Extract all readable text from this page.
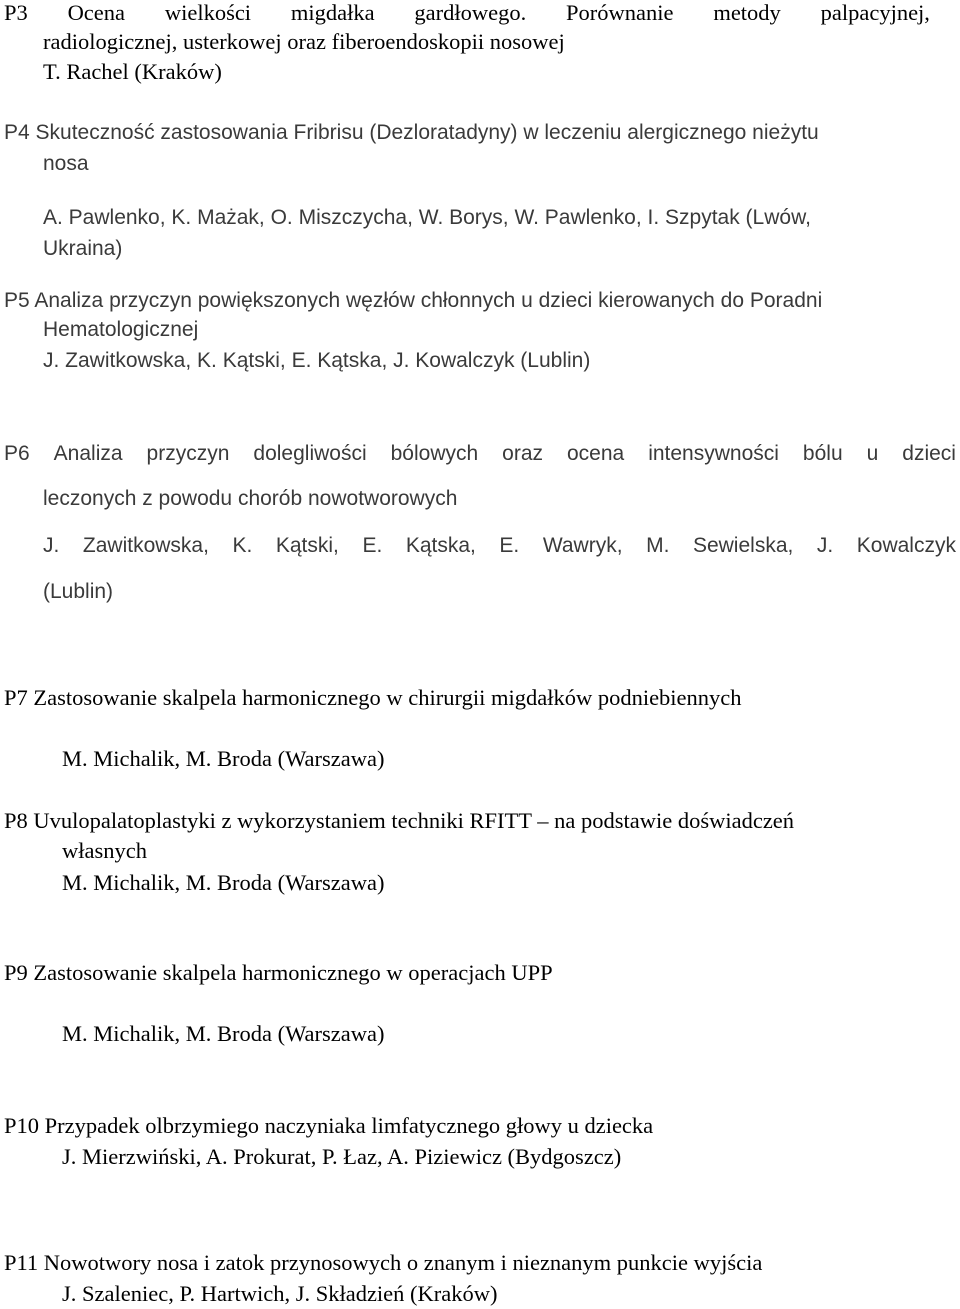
P3 Ocena wielkości migdałka gardłowego. Porównanie metody palpacyjnej,

radiologicznej, usterkowej oraz fiberoendoskopii nosowej

T. Rachel (Kraków)

P4 Skuteczność zastosowania Fribrisu (Dezloratadyny) w leczeniu alergicznego nieżytu

nosa

A. Pawlenko, K. Mażak, O. Miszczycha, W. Borys, W. Pawlenko, I. Szpytak (Lwów,

Ukraina)

P5 Analiza przyczyn powiększonych węzłów chłonnych u dzieci kierowanych do Poradni

Hematologicznej

J. Zawitkowska, K. Kątski, E. Kątska, J. Kowalczyk (Lublin)

P6 Analiza przyczyn dolegliwości bólowych oraz ocena intensywności bólu u dzieci

leczonych z powodu chorób nowotworowych

J. Zawitkowska, K. Kątski, E. Kątska, E. Wawryk, M. Sewielska, J. Kowalczyk

(Lublin)

P7 Zastosowanie skalpela harmonicznego w chirurgii migdałków podniebiennych

M. Michalik, M. Broda (Warszawa)

P8 Uvulopalatoplastyki z wykorzystaniem techniki RFITT – na podstawie doświadczeń

własnych

M. Michalik, M. Broda (Warszawa)

P9 Zastosowanie skalpela harmonicznego w operacjach UPP

M. Michalik, M. Broda (Warszawa)

P10 Przypadek olbrzymiego naczyniaka limfatycznego głowy u dziecka

J. Mierzwiński, A. Prokurat, P. Łaz, A. Piziewicz (Bydgoszcz)

P11 Nowotwory nosa i zatok przynosowych o znanym i nieznanym punkcie wyjścia

J. Szaleniec, P. Hartwich, J. Składzień (Kraków)
